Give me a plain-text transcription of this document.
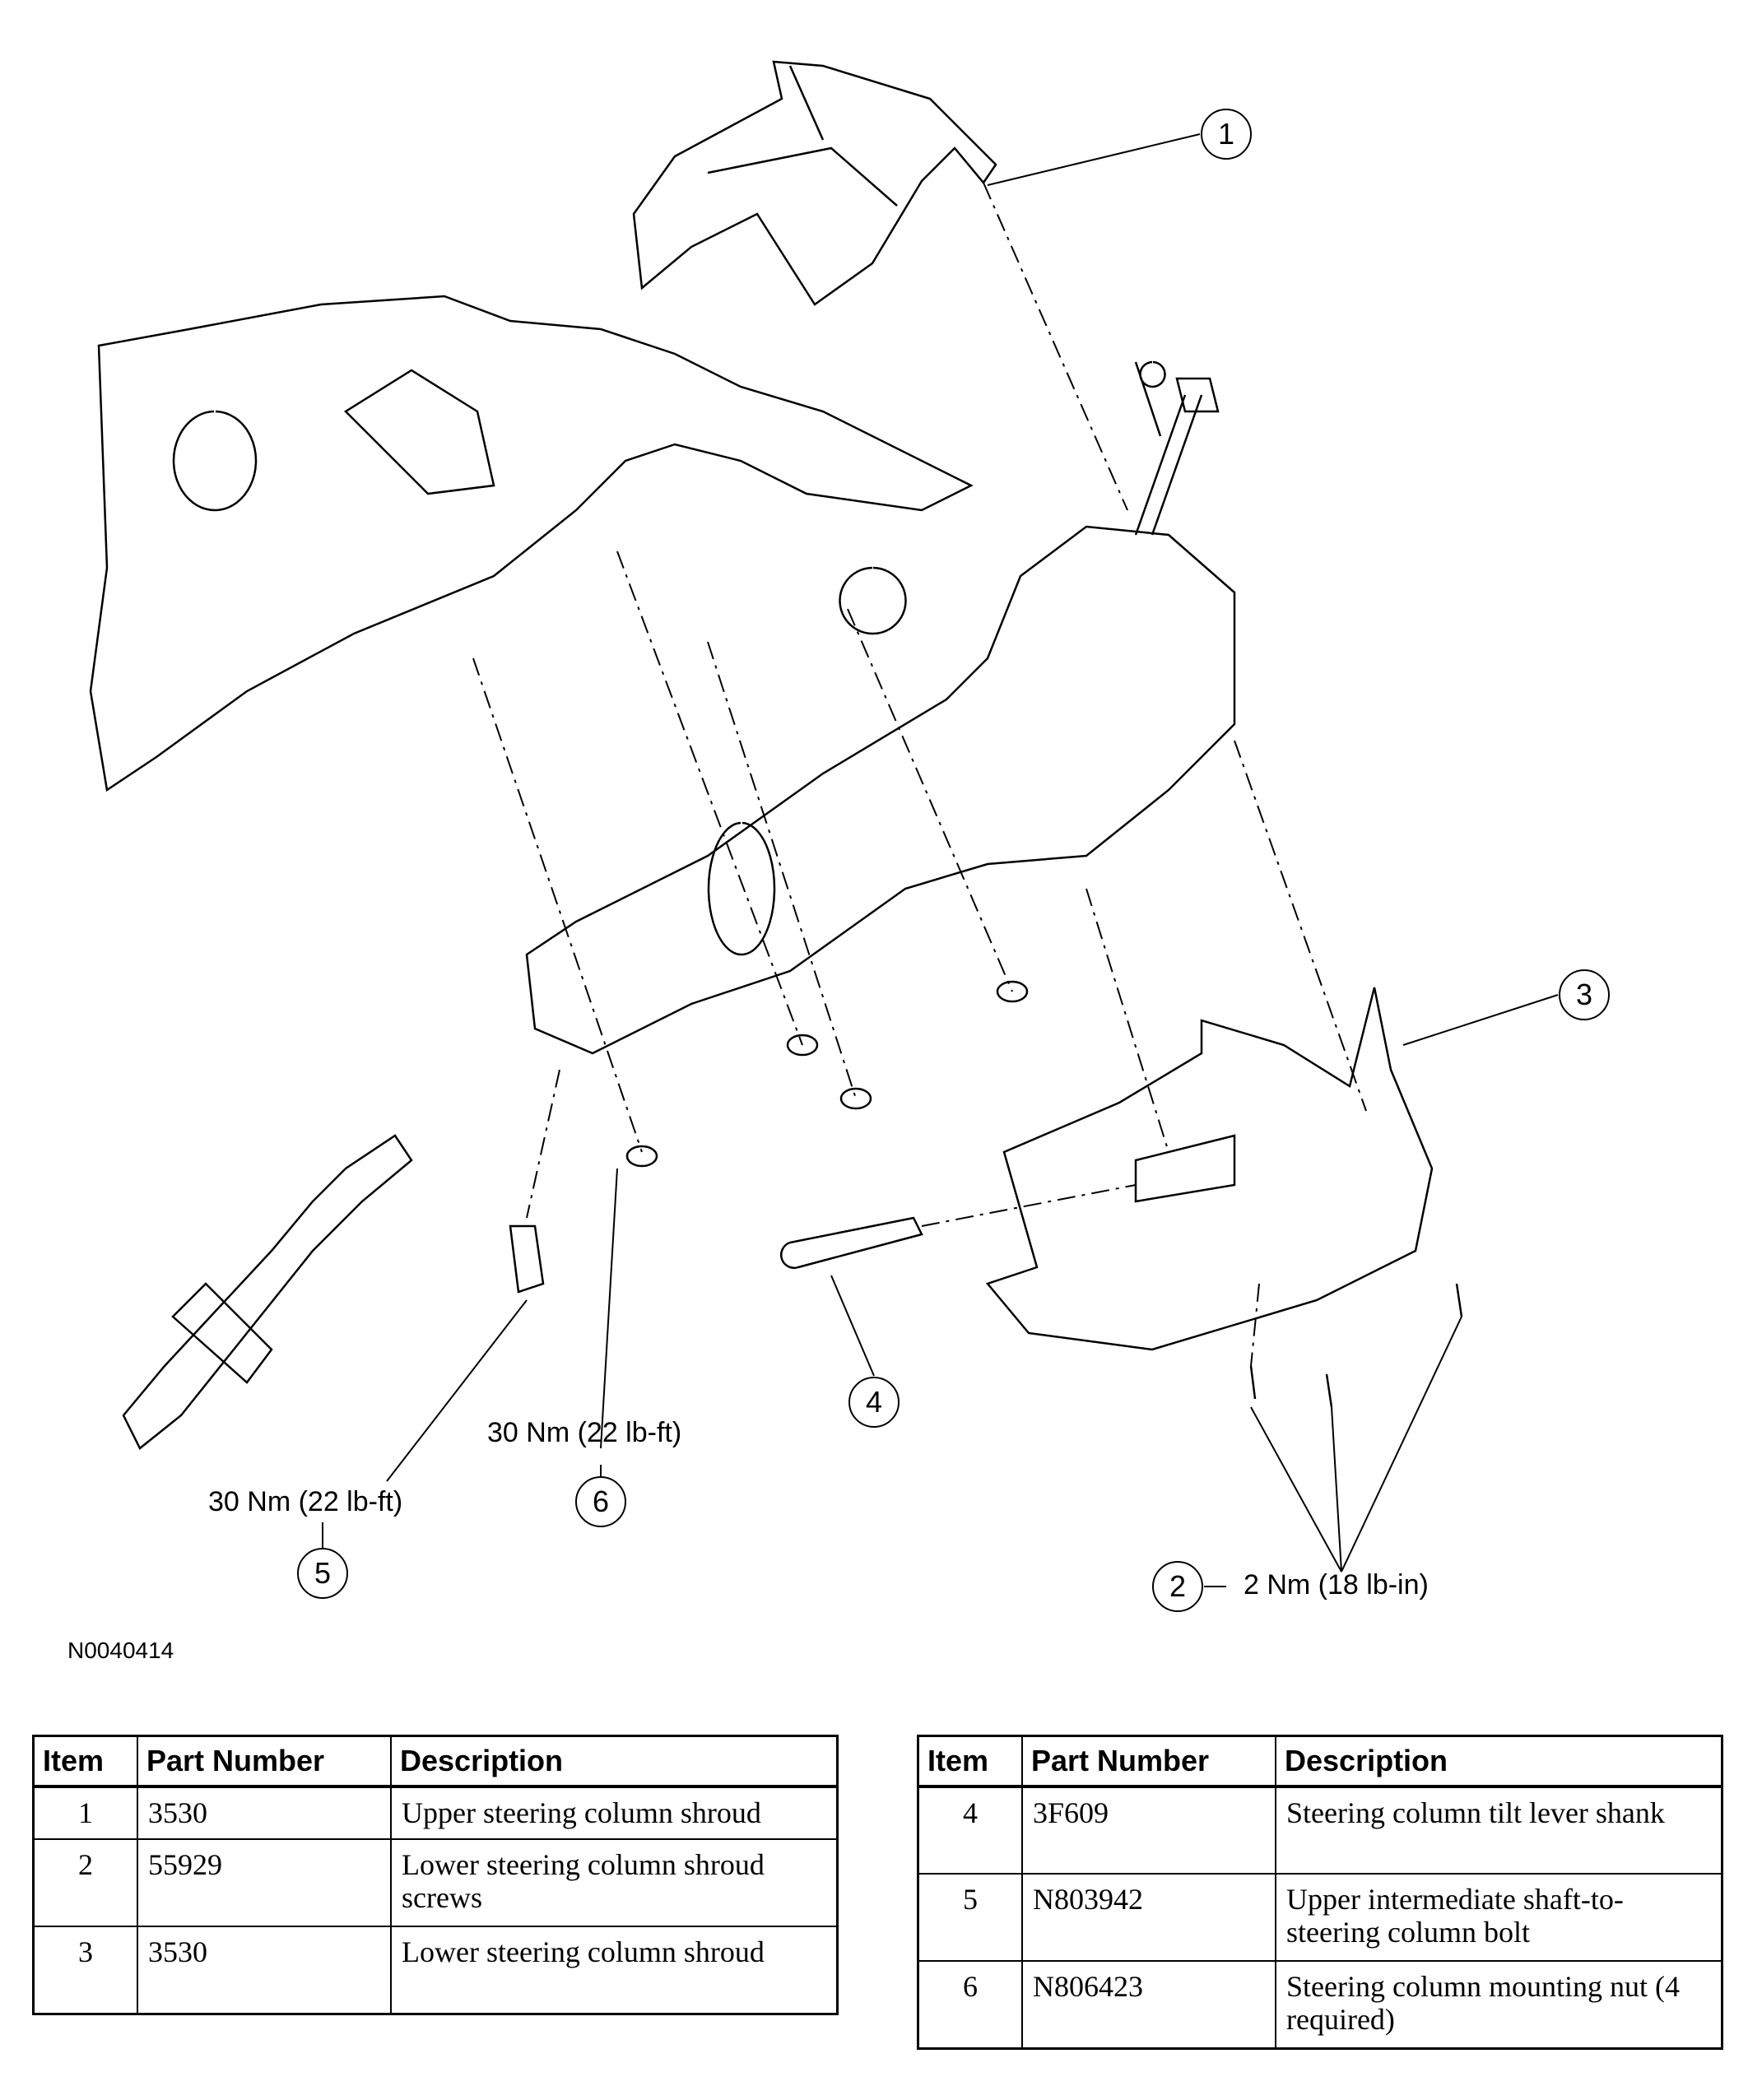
1
3
4
6
5	2
30 Nm (22 lb-ft)
30 Nm (22 lb-ft)
2 Nm (18 lb-in)
N0040414
Item	Part Number	Description
1	3530	Upper steering column shroud
2	55929	Lower steering column shroud screws
3	3530	Lower steering column shroud
Item	Part Number	Description
4	3F609	Steering column tilt lever shank
5	N803942	Upper intermediate shaft-to-steering column bolt
6	N806423	Steering column mounting nut (4 required)
